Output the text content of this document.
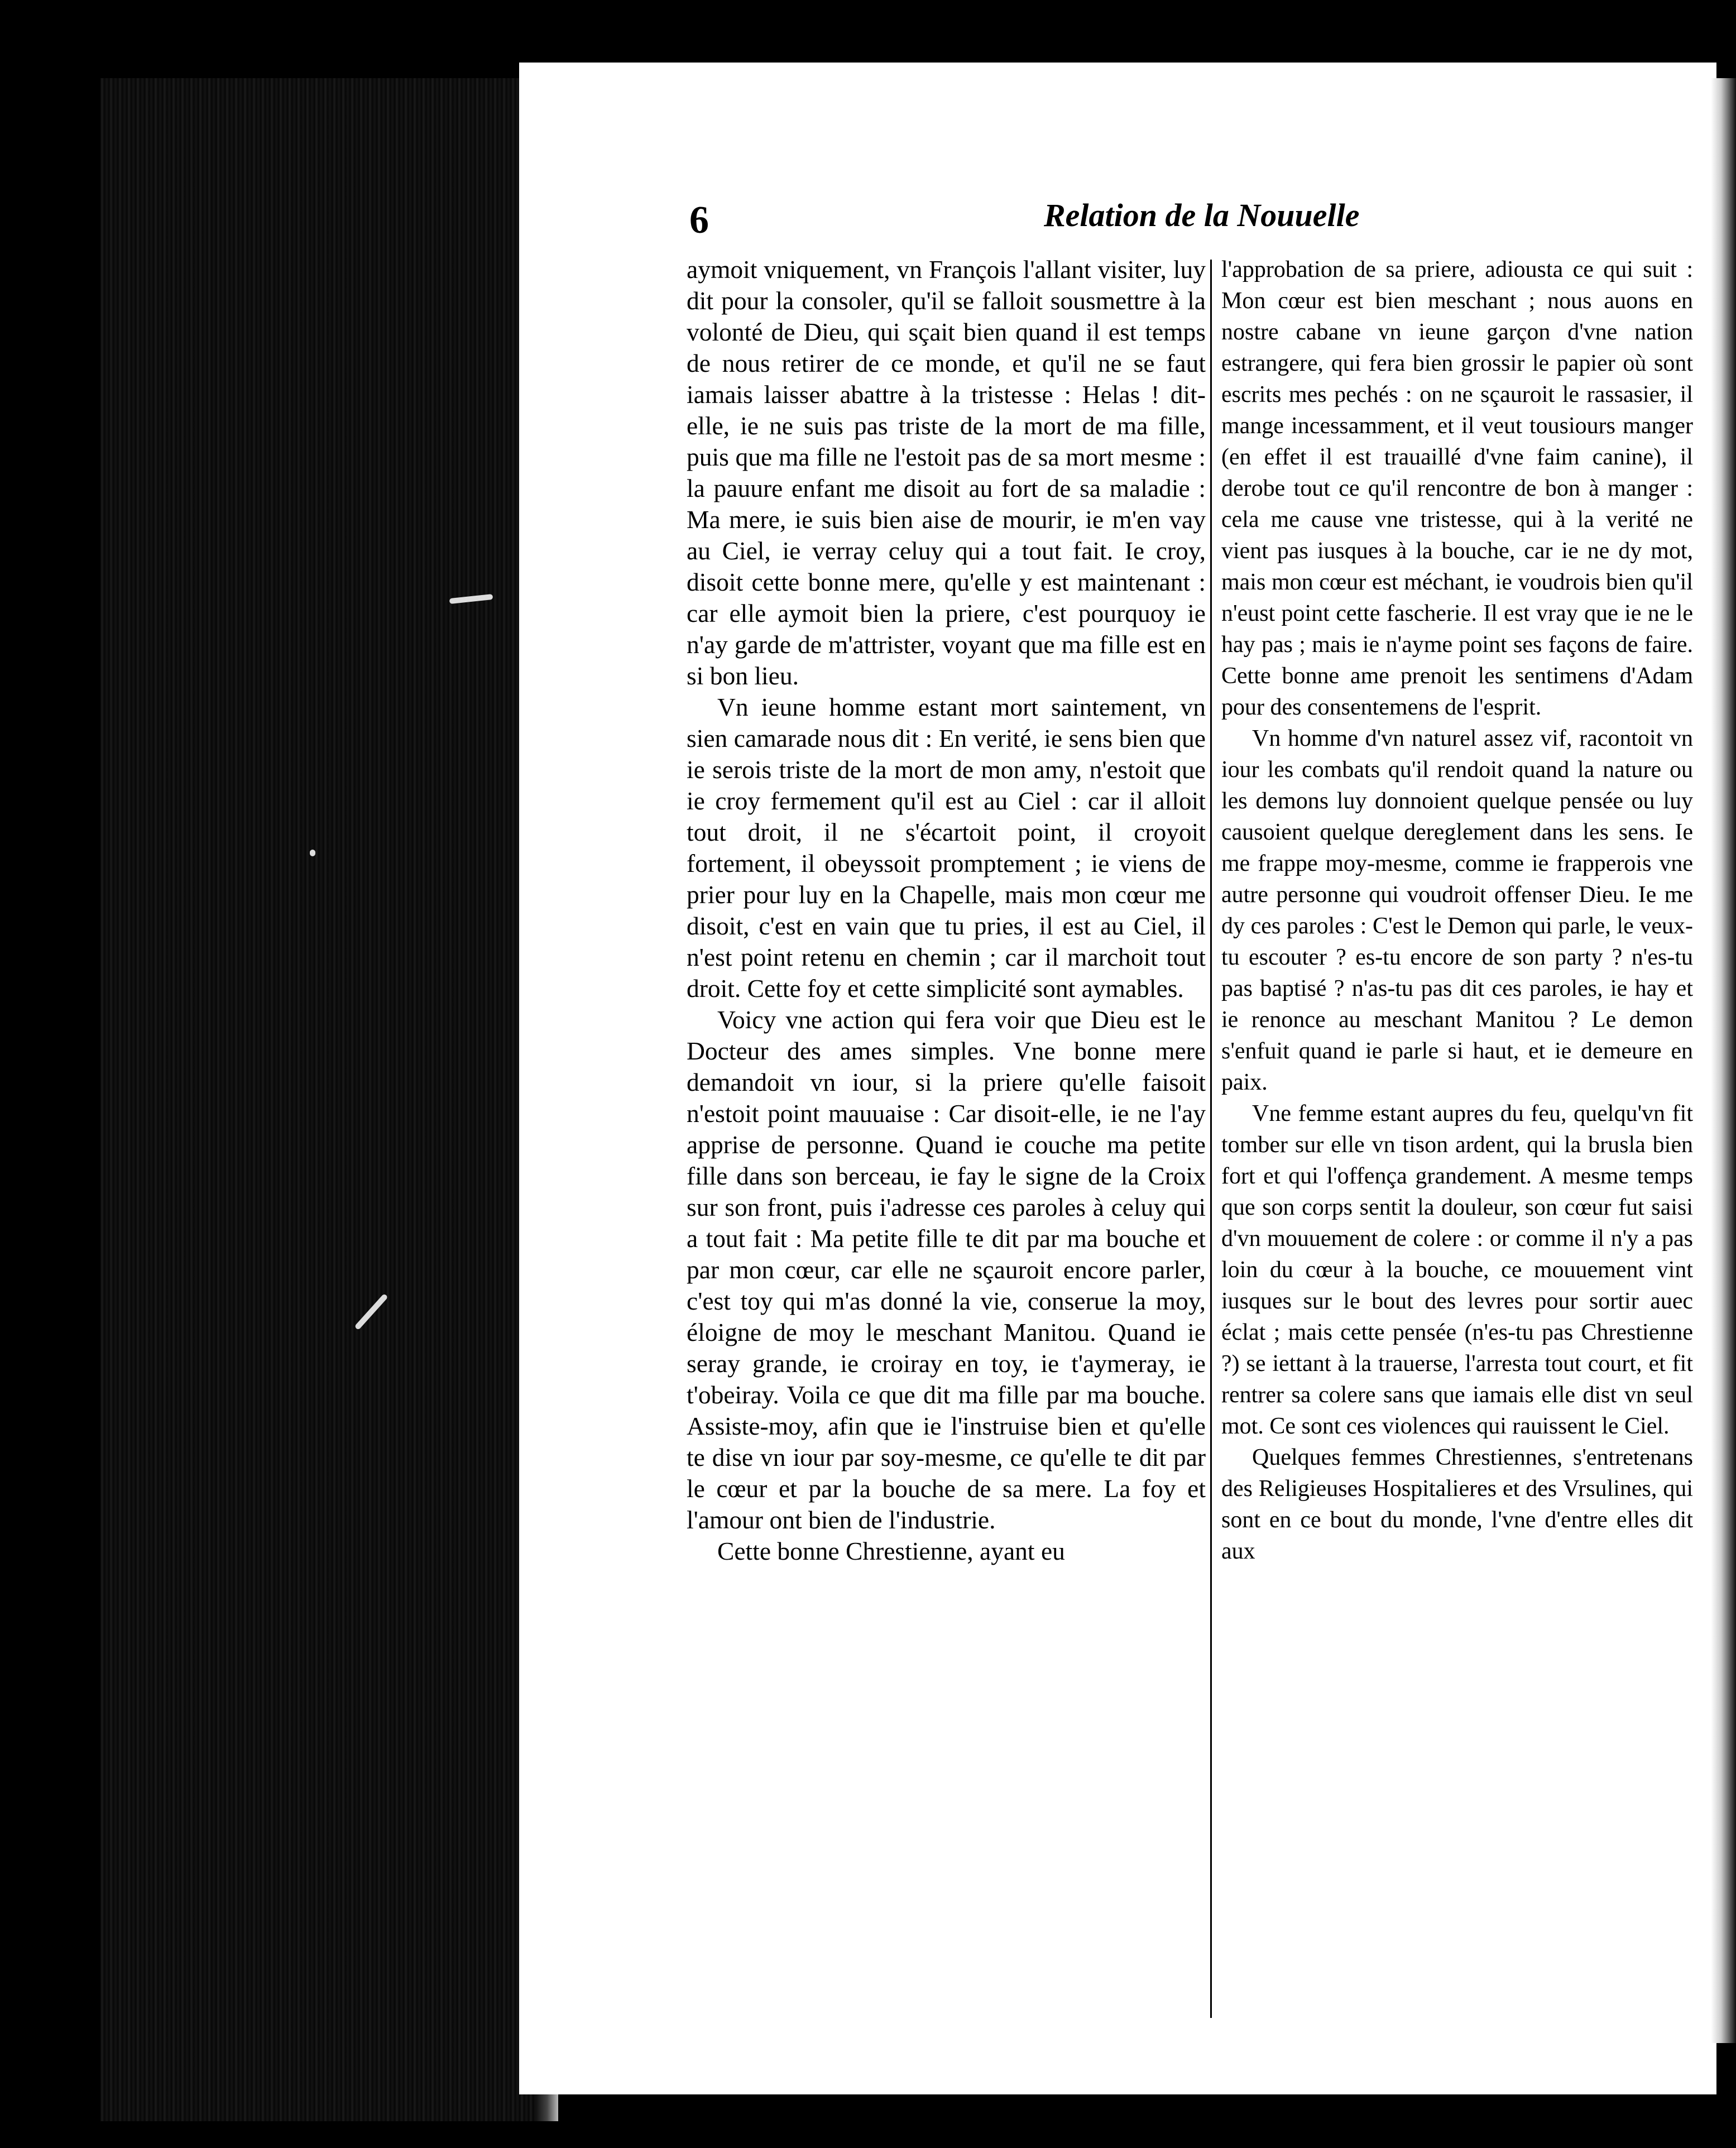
6	Relation de la Nouuelle

aymoit vniquement, vn François l'allant visiter, luy dit pour la consoler, qu'il se falloit sousmettre à la volonté de Dieu, qui sçait bien quand il est temps de nous retirer de ce monde, et qu'il ne se faut iamais laisser abattre à la tristesse : Helas ! dit-elle, ie ne suis pas triste de la mort de ma fille, puis que ma fille ne l'estoit pas de sa mort mesme : la pauure enfant me disoit au fort de sa maladie : Ma mere, ie suis bien aise de mourir, ie m'en vay au Ciel, ie verray celuy qui a tout fait. Ie croy, disoit cette bonne mere, qu'elle y est maintenant : car elle aymoit bien la priere, c'est pourquoy ie n'ay garde de m'attrister, voyant que ma fille est en si bon lieu.

Vn ieune homme estant mort saintement, vn sien camarade nous dit : En verité, ie sens bien que ie serois triste de la mort de mon amy, n'estoit que ie croy fermement qu'il est au Ciel : car il alloit tout droit, il ne s'écartoit point, il croyoit fortement, il obeyssoit promptement ; ie viens de prier pour luy en la Chapelle, mais mon cœur me disoit, c'est en vain que tu pries, il est au Ciel, il n'est point retenu en chemin ; car il marchoit tout droit. Cette foy et cette simplicité sont aymables.

Voicy vne action qui fera voir que Dieu est le Docteur des ames simples. Vne bonne mere demandoit vn iour, si la priere qu'elle faisoit n'estoit point mauuaise : Car disoit-elle, ie ne l'ay apprise de personne. Quand ie couche ma petite fille dans son berceau, ie fay le signe de la Croix sur son front, puis i'adresse ces paroles à celuy qui a tout fait : Ma petite fille te dit par ma bouche et par mon cœur, car elle ne sçauroit encore parler, c'est toy qui m'as donné la vie, conserue la moy, éloigne de moy le meschant Manitou. Quand ie seray grande, ie croiray en toy, ie t'aymeray, ie t'obeiray. Voila ce que dit ma fille par ma bouche. Assiste-moy, afin que ie l'instruise bien et qu'elle te dise vn iour par soy-mesme, ce qu'elle te dit par le cœur et par la bouche de sa mere. La foy et l'amour ont bien de l'industrie.

Cette bonne Chrestienne, ayant eu

l'approbation de sa priere, adiousta ce qui suit : Mon cœur est bien meschant ; nous auons en nostre cabane vn ieune garçon d'vne nation estrangere, qui fera bien grossir le papier où sont escrits mes pechés : on ne sçauroit le rassasier, il mange incessamment, et il veut tousiours manger (en effet il est trauaillé d'vne faim canine), il derobe tout ce qu'il rencontre de bon à manger : cela me cause vne tristesse, qui à la verité ne vient pas iusques à la bouche, car ie ne dy mot, mais mon cœur est méchant, ie voudrois bien qu'il n'eust point cette fascherie. Il est vray que ie ne le hay pas ; mais ie n'ayme point ses façons de faire. Cette bonne ame prenoit les sentimens d'Adam pour des consentemens de l'esprit.

Vn homme d'vn naturel assez vif, racontoit vn iour les combats qu'il rendoit quand la nature ou les demons luy donnoient quelque pensée ou luy causoient quelque dereglement dans les sens. Ie me frappe moy-mesme, comme ie frapperois vne autre personne qui voudroit offenser Dieu. Ie me dy ces paroles : C'est le Demon qui parle, le veux-tu escouter ? es-tu encore de son party ? n'es-tu pas baptisé ? n'as-tu pas dit ces paroles, ie hay et ie renonce au meschant Manitou ? Le demon s'enfuit quand ie parle si haut, et ie demeure en paix.

Vne femme estant aupres du feu, quelqu'vn fit tomber sur elle vn tison ardent, qui la brusla bien fort et qui l'offença grandement. A mesme temps que son corps sentit la douleur, son cœur fut saisi d'vn mouuement de colere : or comme il n'y a pas loin du cœur à la bouche, ce mouuement vint iusques sur le bout des levres pour sortir auec éclat ; mais cette pensée (n'es-tu pas Chrestienne ?) se iettant à la trauerse, l'arresta tout court, et fit rentrer sa colere sans que iamais elle dist vn seul mot. Ce sont ces violences qui rauissent le Ciel.

Quelques femmes Chrestiennes, s'entretenans des Religieuses Hospitalieres et des Vrsulines, qui sont en ce bout du monde, l'vne d'entre elles dit aux
